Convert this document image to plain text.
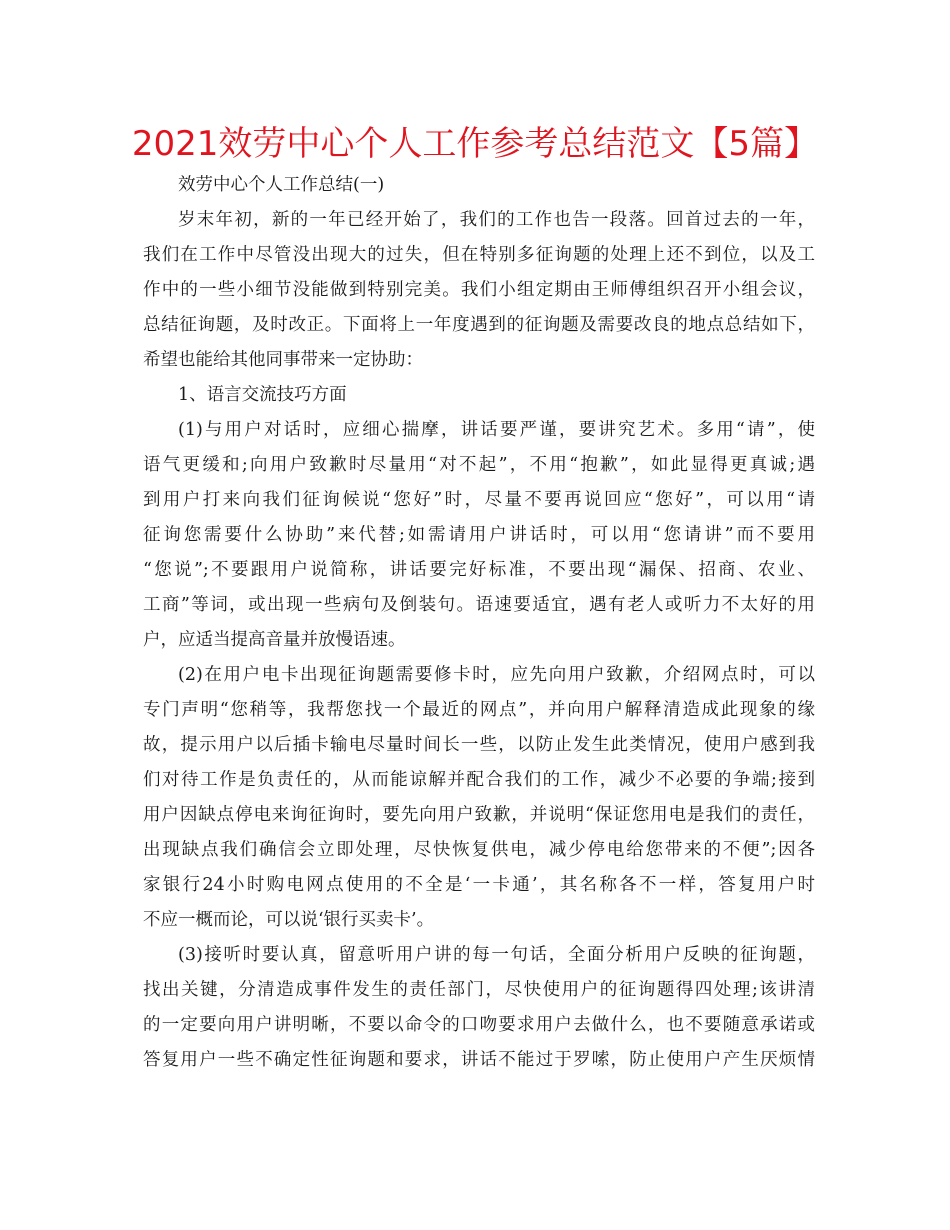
2021效劳中心个人工作参考总结范文【5篇】
效劳中心个人工作总结(一)
岁末年初，新的一年已经开始了，我们的工作也告一段落。回首过去的一年，
我们在工作中尽管没出现大的过失，但在特别多征询题的处理上还不到位，以及工
作中的一些小细节没能做到特别完美。我们小组定期由王师傅组织召开小组会议，
总结征询题，及时改正。下面将上一年度遇到的征询题及需要改良的地点总结如下，
希望也能给其他同事带来一定协助：
1、语言交流技巧方面
(1)与用户对话时，应细心揣摩，讲话要严谨，要讲究艺术。多用“请”，使
语气更缓和;向用户致歉时尽量用“对不起”，不用“抱歉”，如此显得更真诚;遇
到用户打来向我们征询候说“您好”时，尽量不要再说回应“您好”，可以用“请
征询您需要什么协助”来代替;如需请用户讲话时，可以用“您请讲”而不要用
“您说”;不要跟用户说简称，讲话要完好标准，不要出现“漏保、招商、农业、
工商”等词，或出现一些病句及倒装句。语速要适宜，遇有老人或听力不太好的用
户，应适当提高音量并放慢语速。
(2)在用户电卡出现征询题需要修卡时，应先向用户致歉，介绍网点时，可以
专门声明“您稍等，我帮您找一个最近的网点”，并向用户解释清造成此现象的缘
故，提示用户以后插卡输电尽量时间长一些，以防止发生此类情况，使用户感到我
们对待工作是负责任的，从而能谅解并配合我们的工作，减少不必要的争端;接到
用户因缺点停电来询征询时，要先向用户致歉，并说明“保证您用电是我们的责任，
出现缺点我们确信会立即处理，尽快恢复供电，减少停电给您带来的不便”;因各
家银行24小时购电网点使用的不全是‘一卡通’，其名称各不一样，答复用户时
不应一概而论，可以说‘银行买卖卡’。
(3)接听时要认真，留意听用户讲的每一句话，全面分析用户反映的征询题，
找出关键，分清造成事件发生的责任部门，尽快使用户的征询题得四处理;该讲清
的一定要向用户讲明晰，不要以命令的口吻要求用户去做什么，也不要随意承诺或
答复用户一些不确定性征询题和要求，讲话不能过于罗嗦，防止使用户产生厌烦情
